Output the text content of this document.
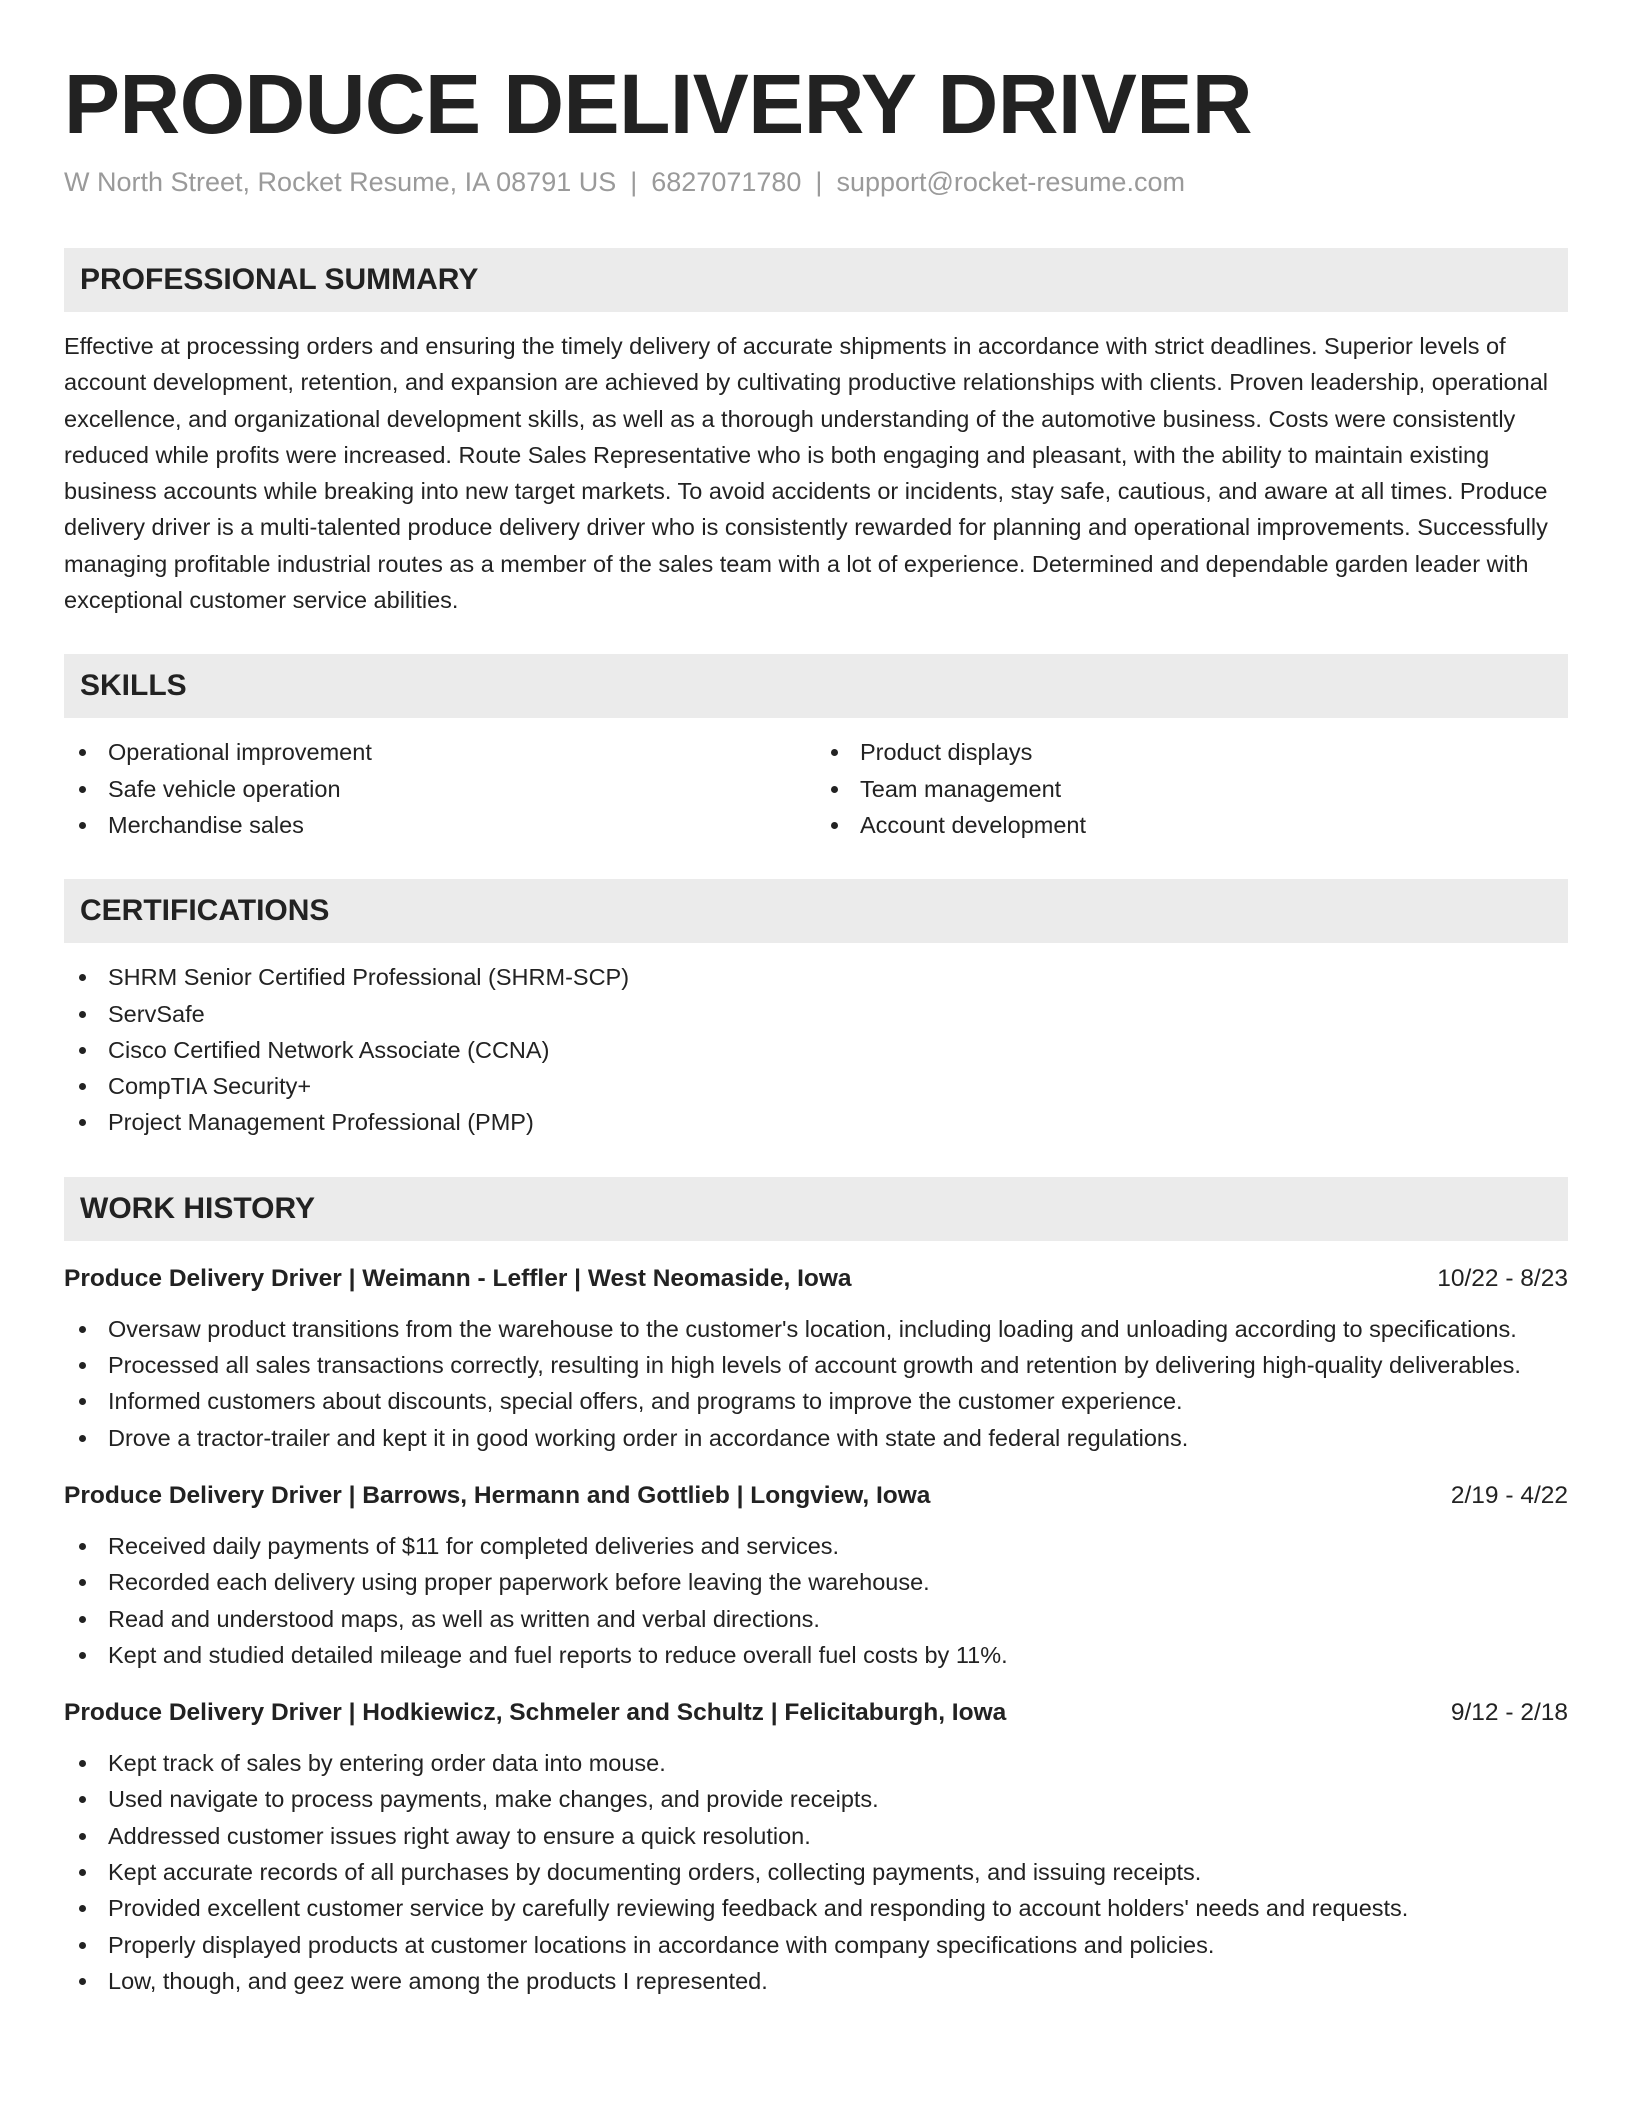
PRODUCE DELIVERY DRIVER
W North Street, Rocket Resume, IA 08791 US | 6827071780 | support@rocket-resume.com
PROFESSIONAL SUMMARY

Effective at processing orders and ensuring the timely delivery of accurate shipments in accordance with strict deadlines. Superior levels of account development, retention, and expansion are achieved by cultivating productive relationships with clients. Proven leadership, operational excellence, and organizational development skills, as well as a thorough understanding of the automotive business. Costs were consistently reduced while profits were increased. Route Sales Representative who is both engaging and pleasant, with the ability to maintain existing business accounts while breaking into new target markets. To avoid accidents or incidents, stay safe, cautious, and aware at all times. Produce delivery driver is a multi-talented produce delivery driver who is consistently rewarded for planning and operational improvements. Successfully managing profitable industrial routes as a member of the sales team with a lot of experience. Determined and dependable garden leader with exceptional customer service abilities.

SKILLS
Operational improvement
Safe vehicle operation
Merchandise sales
Product displays
Team management
Account development
CERTIFICATIONS
SHRM Senior Certified Professional (SHRM-SCP)
ServSafe
Cisco Certified Network Associate (CCNA)
CompTIA Security+
Project Management Professional (PMP)
WORK HISTORY
Produce Delivery Driver | Weimann - Leffler | West Neomaside, Iowa	10/22 - 8/23
Oversaw product transitions from the warehouse to the customer's location, including loading and unloading according to specifications.
Processed all sales transactions correctly, resulting in high levels of account growth and retention by delivering high-quality deliverables.
Informed customers about discounts, special offers, and programs to improve the customer experience.
Drove a tractor-trailer and kept it in good working order in accordance with state and federal regulations.
Produce Delivery Driver | Barrows, Hermann and Gottlieb | Longview, Iowa	2/19 - 4/22
Received daily payments of $11 for completed deliveries and services.
Recorded each delivery using proper paperwork before leaving the warehouse.
Read and understood maps, as well as written and verbal directions.
Kept and studied detailed mileage and fuel reports to reduce overall fuel costs by 11%.
Produce Delivery Driver | Hodkiewicz, Schmeler and Schultz | Felicitaburgh, Iowa	9/12 - 2/18
Kept track of sales by entering order data into mouse.
Used navigate to process payments, make changes, and provide receipts.
Addressed customer issues right away to ensure a quick resolution.
Kept accurate records of all purchases by documenting orders, collecting payments, and issuing receipts.
Provided excellent customer service by carefully reviewing feedback and responding to account holders' needs and requests.
Properly displayed products at customer locations in accordance with company specifications and policies.
Low, though, and geez were among the products I represented.
